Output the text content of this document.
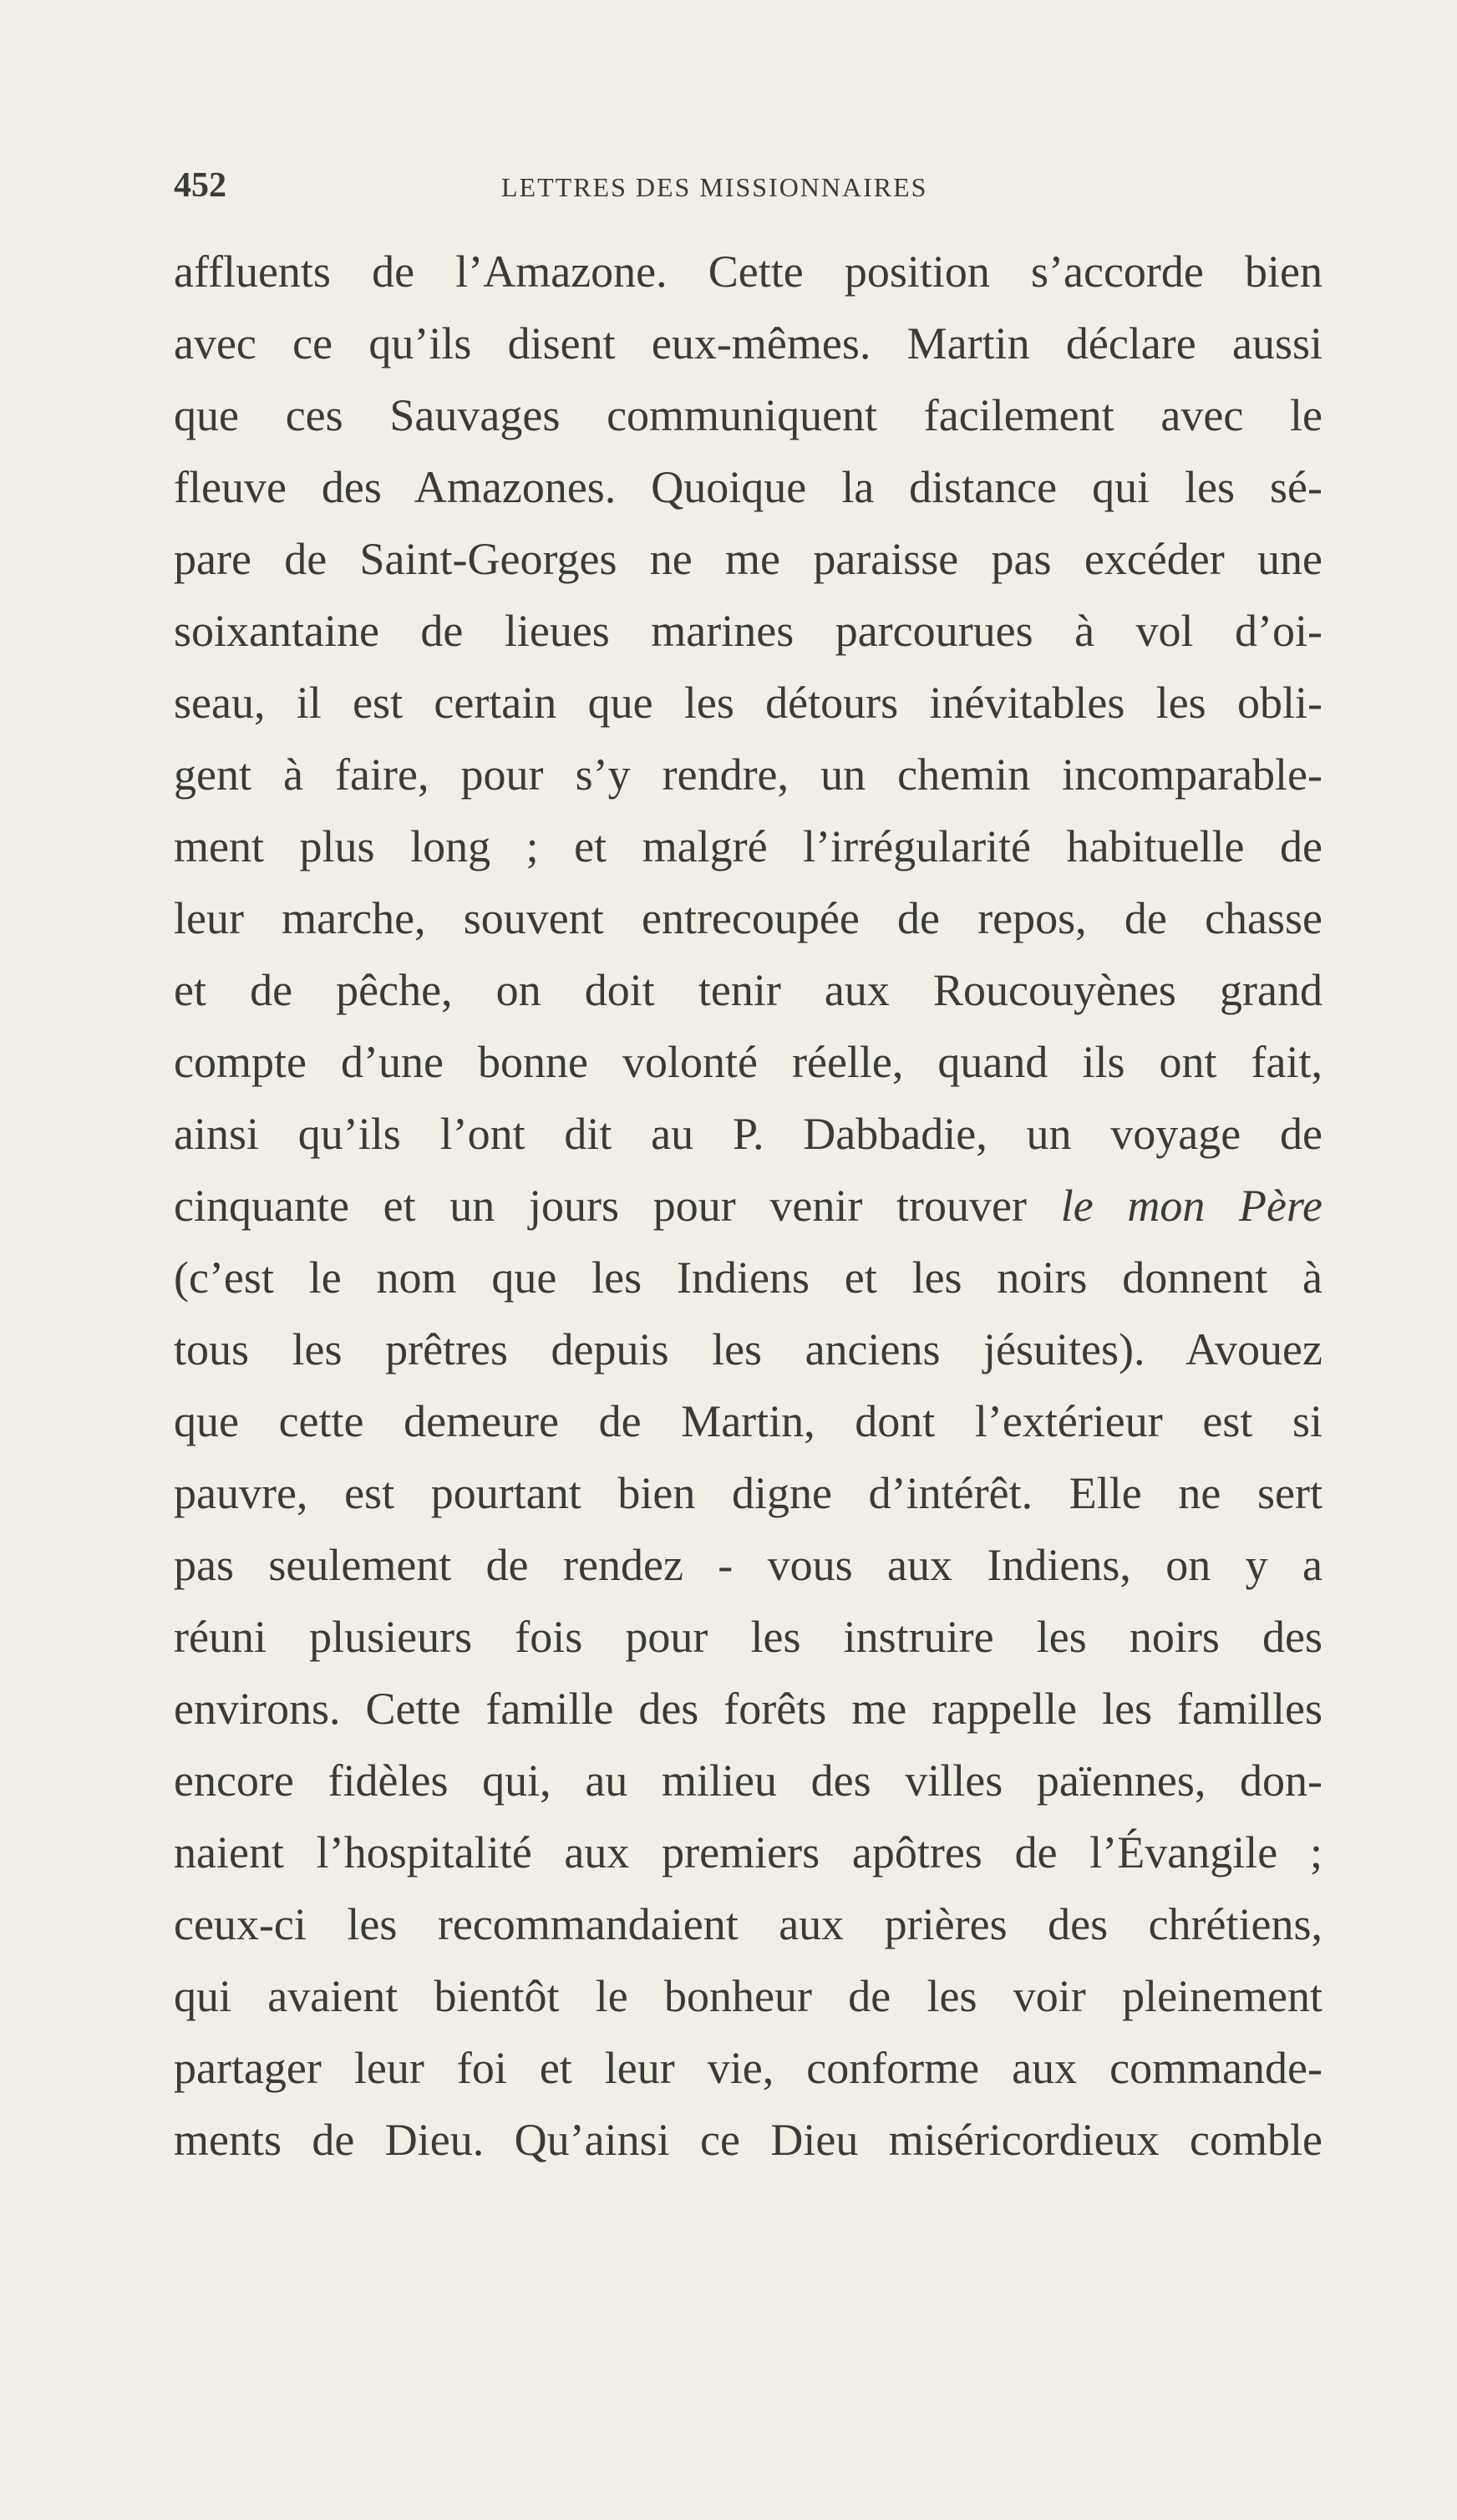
452	LETTRES DES MISSIONNAIRES
affluents de l’Amazone. Cette position s’accorde bien
avec ce qu’ils disent eux-mêmes. Martin déclare aussi
que ces Sauvages communiquent facilement avec le
fleuve des Amazones. Quoique la distance qui les sé-
pare de Saint-Georges ne me paraisse pas excéder une
soixantaine de lieues marines parcourues à vol d’oi-
seau, il est certain que les détours inévitables les obli-
gent à faire, pour s’y rendre, un chemin incomparable-
ment plus long ; et malgré l’irrégularité habituelle de
leur marche, souvent entrecoupée de repos, de chasse
et de pêche, on doit tenir aux Roucouyènes grand
compte d’une bonne volonté réelle, quand ils ont fait,
ainsi qu’ils l’ont dit au P. Dabbadie, un voyage de
cinquante et un jours pour venir trouver le mon Père
(c’est le nom que les Indiens et les noirs donnent à
tous les prêtres depuis les anciens jésuites). Avouez
que cette demeure de Martin, dont l’extérieur est si
pauvre, est pourtant bien digne d’intérêt. Elle ne sert
pas seulement de rendez - vous aux Indiens, on y a
réuni plusieurs fois pour les instruire les noirs des
environs. Cette famille des forêts me rappelle les familles
encore fidèles qui, au milieu des villes païennes, don-
naient l’hospitalité aux premiers apôtres de l’Évangile ;
ceux-ci les recommandaient aux prières des chrétiens,
qui avaient bientôt le bonheur de les voir pleinement
partager leur foi et leur vie, conforme aux commande-
ments de Dieu. Qu’ainsi ce Dieu miséricordieux comble
